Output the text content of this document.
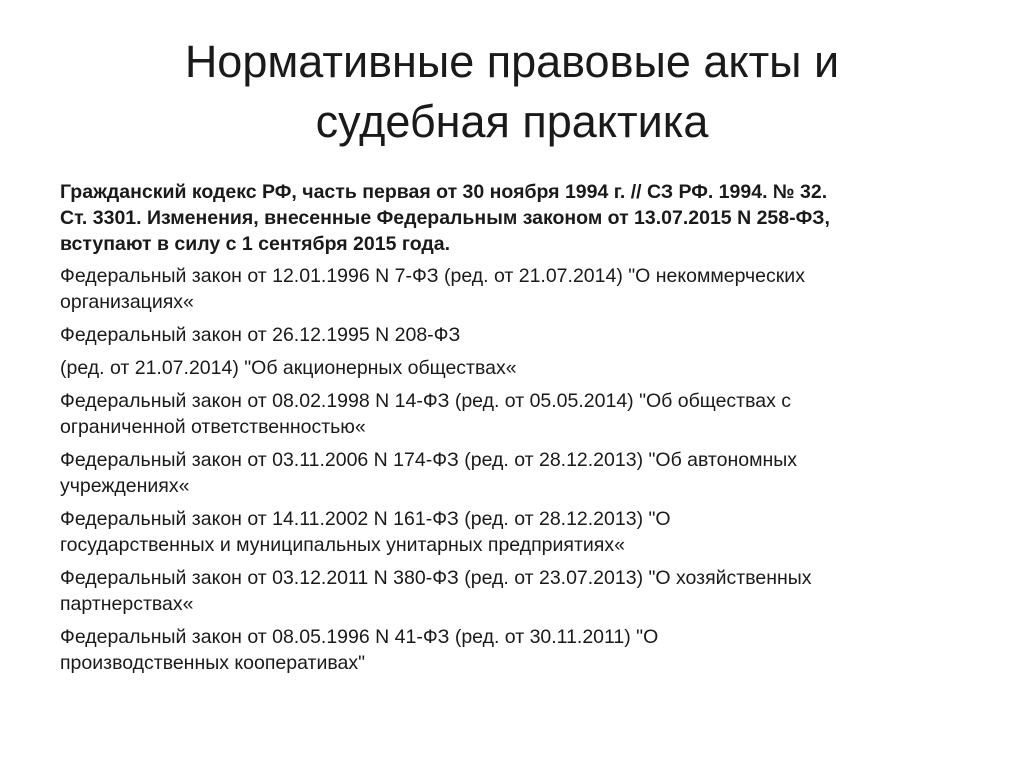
Нормативные правовые акты и
судебная практика
Гражданский кодекс РФ, часть первая от 30 ноября 1994 г. // СЗ РФ. 1994. № 32.
Ст. 3301. Изменения, внесенные Федеральным законом от 13.07.2015 N 258-ФЗ,
вступают в силу с 1 сентября 2015 года.
Федеральный закон от 12.01.1996 N 7-ФЗ (ред. от 21.07.2014) "О некоммерческих
организациях«
Федеральный закон от 26.12.1995 N 208-ФЗ
(ред. от 21.07.2014) "Об акционерных обществах«
Федеральный закон от 08.02.1998 N 14-ФЗ (ред. от 05.05.2014) "Об обществах с
ограниченной ответственностью«
Федеральный закон от 03.11.2006 N 174-ФЗ (ред. от 28.12.2013) "Об автономных
учреждениях«
Федеральный закон от 14.11.2002 N 161-ФЗ (ред. от 28.12.2013) "О
государственных и муниципальных унитарных предприятиях«
Федеральный закон от 03.12.2011 N 380-ФЗ (ред. от 23.07.2013) "О хозяйственных
партнерствах«
Федеральный закон от 08.05.1996 N 41-ФЗ (ред. от 30.11.2011) "О
производственных кооперативах"
